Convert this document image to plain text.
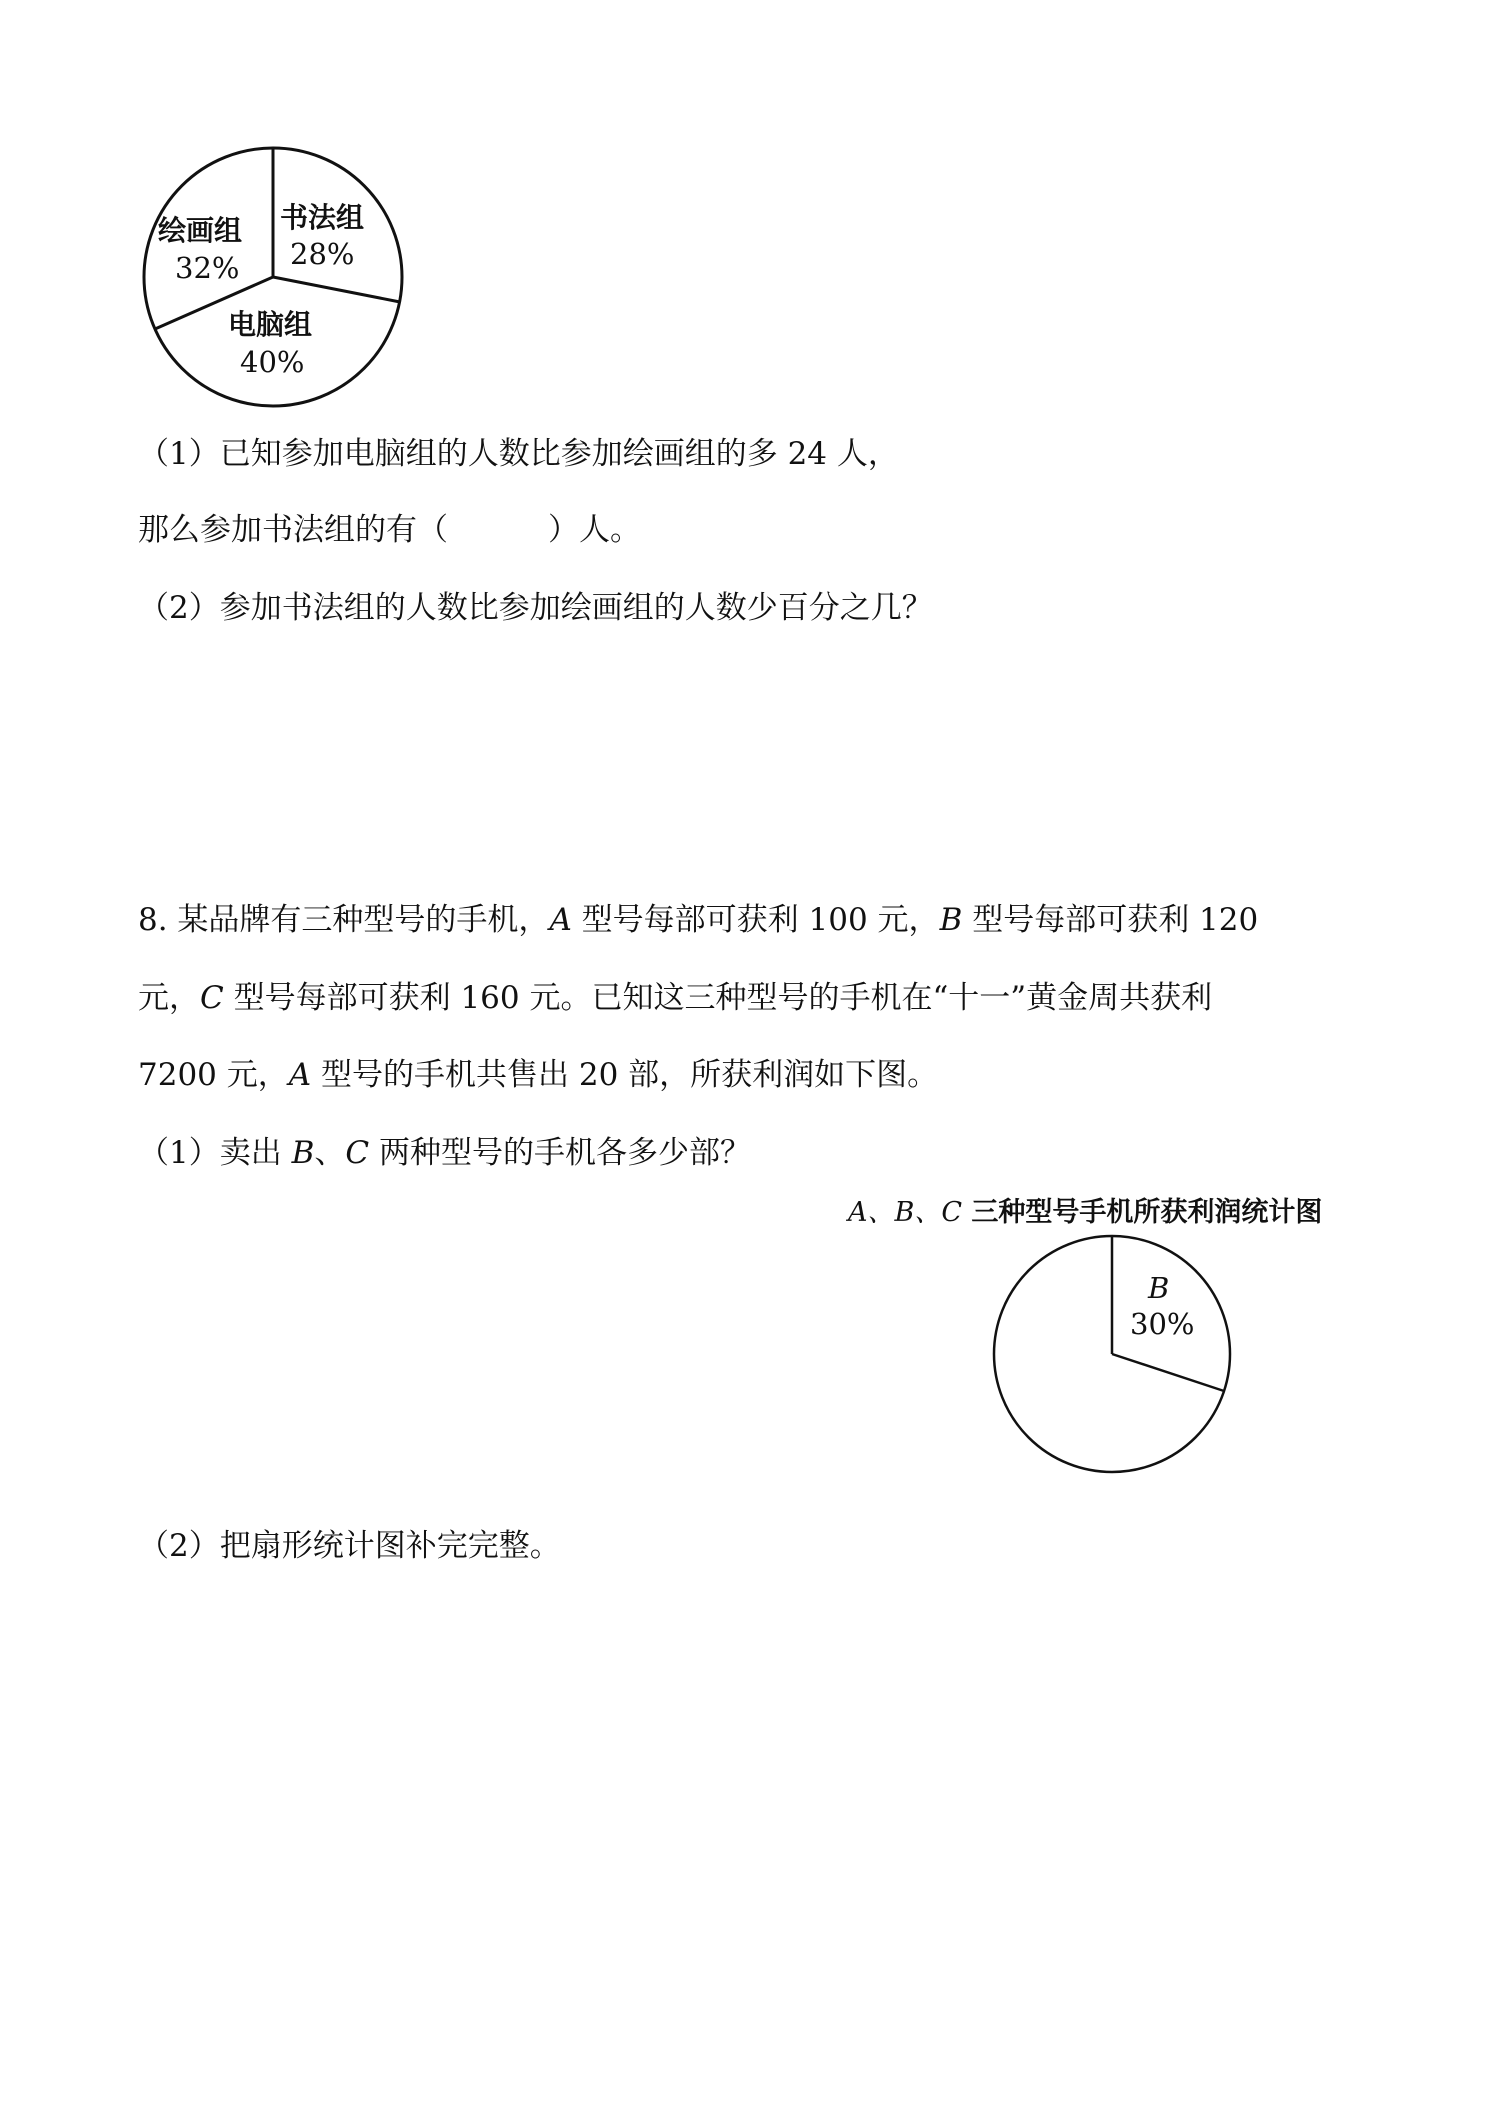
书法组
28%
绘画组
32%
电脑组
40%
（1）已知参加电脑组的人数比参加绘画组的多 24 人，
那么参加书法组的有（	）人。
（2）参加书法组的人数比参加绘画组的人数少百分之几？
8. 某品牌有三种型号的手机，A 型号每部可获利 100 元，B 型号每部可获利 120
元，C 型号每部可获利 160 元。已知这三种型号的手机在“十一”黄金周共获利
7200 元，A 型号的手机共售出 20 部，所获利润如下图。
（1）卖出 B、C 两种型号的手机各多少部？
A、B、C 三种型号手机所获利润统计图
B
30%
（2）把扇形统计图补完完整。
